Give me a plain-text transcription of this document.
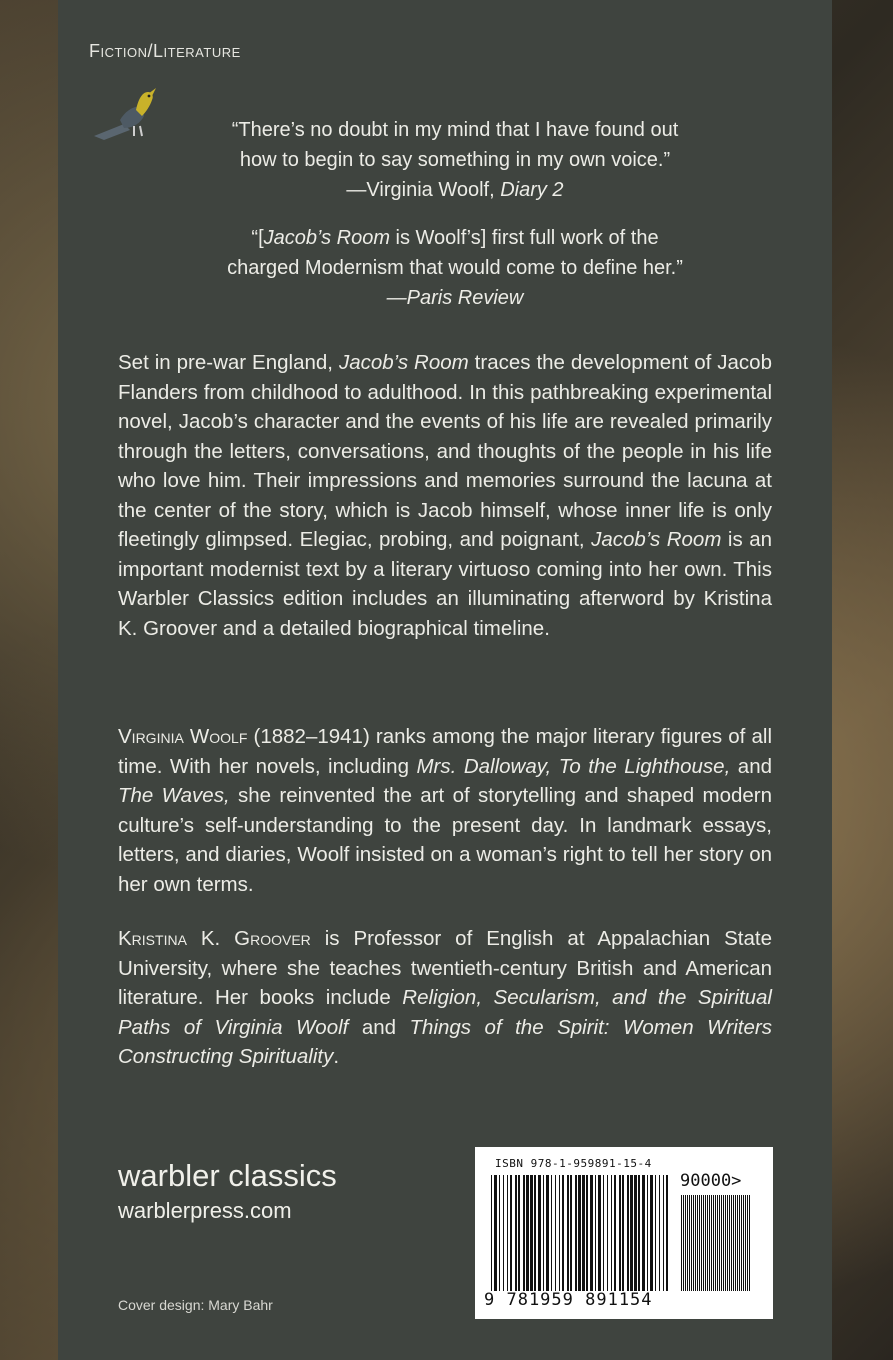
Fiction/Literature
“There’s no doubt in my mind that I have found out
how to begin to say something in my own voice.”
—Virginia Woolf, Diary 2
“[Jacob’s Room is Woolf’s] first full work of the
charged Modernism that would come to define her.”
—Paris Review
Set in pre-war England, Jacob’s Room traces the development of Jacob Flanders from childhood to adulthood. In this pathbreaking experimental novel, Jacob’s character and the events of his life are revealed primarily through the letters, conversations, and thoughts of the people in his life who love him. Their impressions and memories surround the lacuna at the center of the story, which is Jacob himself, whose inner life is only fleetingly glimpsed. Elegiac, probing, and poignant, Jacob’s Room is an important modernist text by a literary virtuoso coming into her own. This Warbler Classics edition includes an illuminating afterword by Kristina K. Groover and a detailed biographical timeline.
Virginia Woolf (1882–1941) ranks among the major literary figures of all time. With her novels, including Mrs. Dalloway, To the Lighthouse, and The Waves, she reinvented the art of storytelling and shaped modern culture’s self-understanding to the present day. In landmark essays, letters, and diaries, Woolf insisted on a woman’s right to tell her story on her own terms.
Kristina K. Groover is Professor of English at Appalachian State University, where she teaches twentieth-century British and American literature. Her books include Religion, Secularism, and the Spiritual Paths of Virginia Woolf and Things of the Spirit: Women Writers Constructing Spirituality.
warbler classics
warblerpress.com
Cover design: Mary Bahr
ISBN 978-1-959891-15-4
90000>
9 781959 891154
